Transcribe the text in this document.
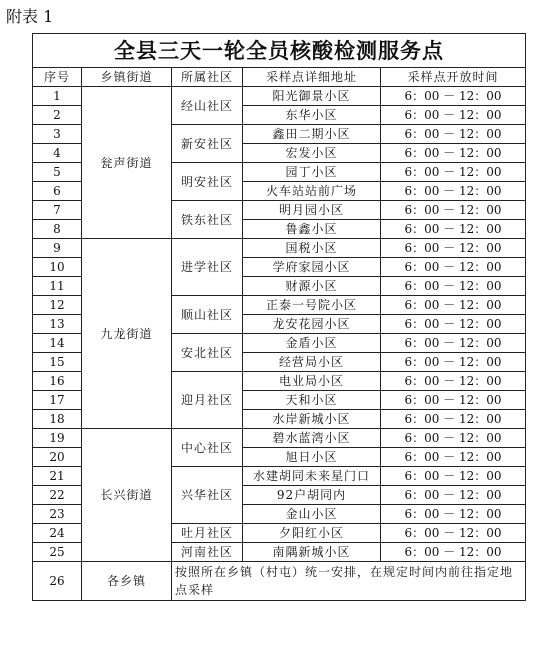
附表 1
全县三天一轮全员核酸检测服务点				
序号	乡镇街道	所属社区	采样点详细地址	采样点开放时间
1	瓮声街道	经山社区	阳光御景小区	6：00 － 12：00
2			东华小区	6：00 － 12：00
3		新安社区	鑫田二期小区	6：00 － 12：00
4			宏发小区	6：00 － 12：00
5		明安社区	园丁小区	6：00 － 12：00
6			火车站站前广场	6：00 － 12：00
7		铁东社区	明月园小区	6：00 － 12：00
8			鲁鑫小区	6：00 － 12：00
9	九龙街道	进学社区	国税小区	6：00 － 12：00
10			学府家园小区	6：00 － 12：00
11			财源小区	6：00 － 12：00
12		顺山社区	正泰一号院小区	6：00 － 12：00
13			龙安花园小区	6：00 － 12：00
14		安北社区	金盾小区	6：00 － 12：00
15			经营局小区	6：00 － 12：00
16		迎月社区	电业局小区	6：00 － 12：00
17			天和小区	6：00 － 12：00
18			水岸新城小区	6：00 － 12：00
19	长兴街道	中心社区	碧水蓝湾小区	6：00 － 12：00
20			旭日小区	6：00 － 12：00
21		兴华社区	水建胡同未来星门口	6：00 － 12：00
22			92户胡同内	6：00 － 12：00
23			金山小区	6：00 － 12：00
24		吐月社区	夕阳红小区	6：00 － 12：00
25		河南社区	南隅新城小区	6：00 － 12：00
26	各乡镇	按照所在乡镇（村屯）统一安排，在规定时间内前往指定地点采样		
